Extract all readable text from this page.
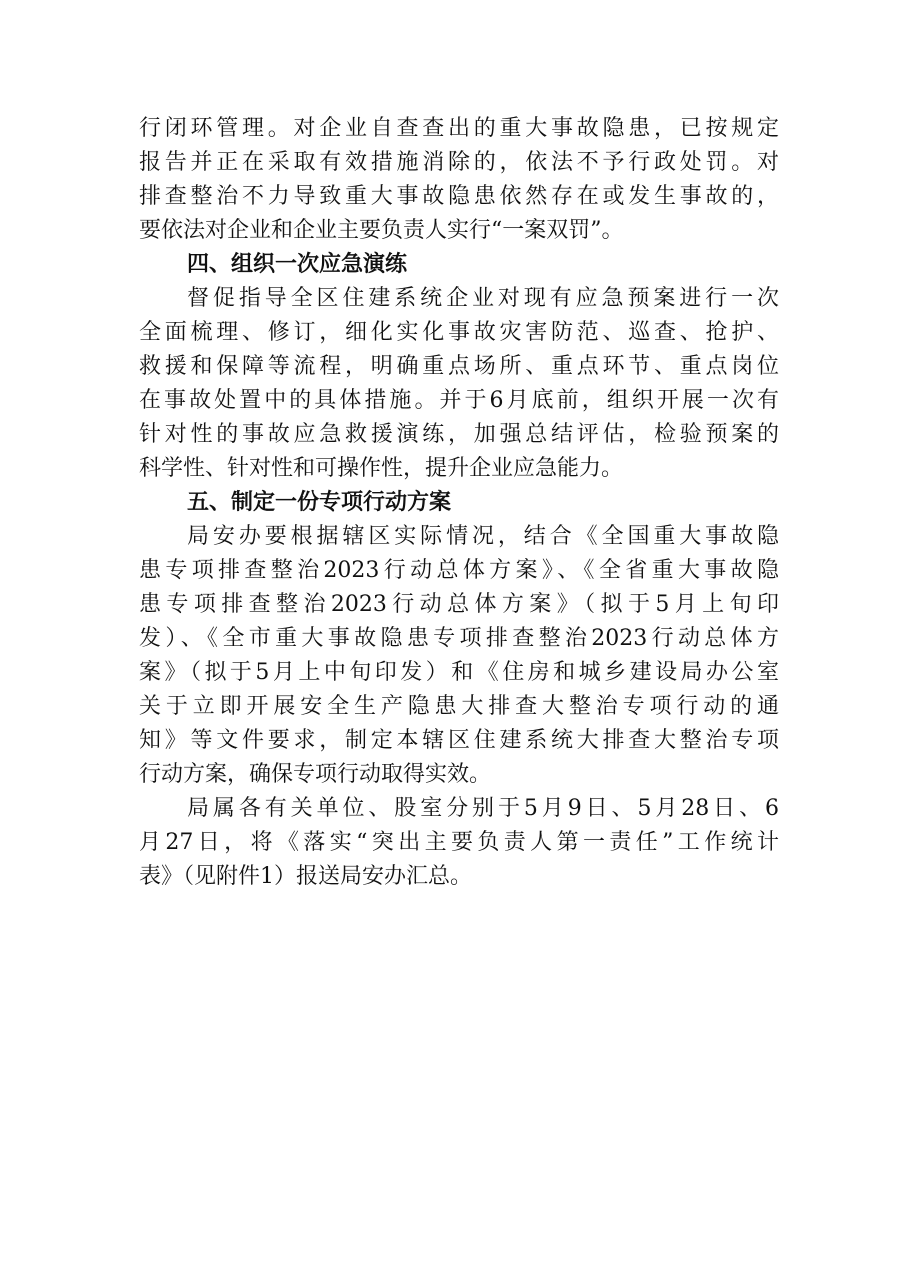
行闭环管理。对企业自查查出的重大事故隐患，已按规定
报告并正在采取有效措施消除的，依法不予行政处罚。对
排查整治不力导致重大事故隐患依然存在或发生事故的，
要依法对企业和企业主要负责人实行“一案双罚”。
四、组织一次应急演练
督促指导全区住建系统企业对现有应急预案进行一次
全面梳理、修订，细化实化事故灾害防范、巡查、抢护、
救援和保障等流程，明确重点场所、重点环节、重点岗位
在事故处置中的具体措施。并于6月底前，组织开展一次有
针对性的事故应急救援演练，加强总结评估，检验预案的
科学性、针对性和可操作性，提升企业应急能力。
五、制定一份专项行动方案
局安办要根据辖区实际情况，结合《全国重大事故隐
患专项排查整治2023行动总体方案》、《全省重大事故隐
患专项排查整治2023行动总体方案》（拟于5月上旬印
发）、《全市重大事故隐患专项排查整治2023行动总体方
案》（拟于5月上中旬印发）和《住房和城乡建设局办公室
关于立即开展安全生产隐患大排查大整治专项行动的通
知》等文件要求，制定本辖区住建系统大排查大整治专项
行动方案，确保专项行动取得实效。
局属各有关单位、股室分别于5月9日、5月28日、6
月27日，将《落实“突出主要负责人第一责任”工作统计
表》（见附件1）报送局安办汇总。
